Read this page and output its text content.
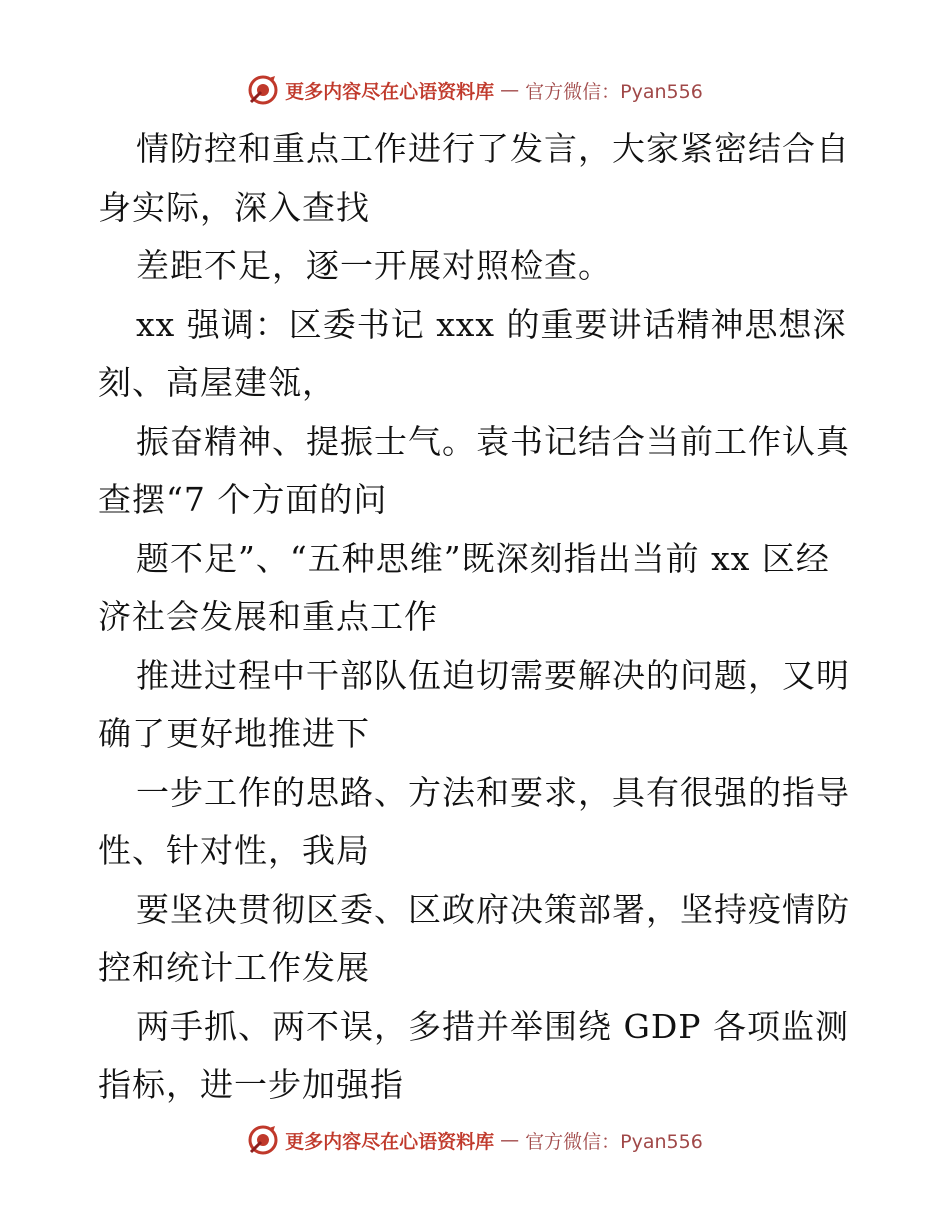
更多内容尽在心语资料库 — 官方微信：Pyan556

情防控和重点工作进行了发言，大家紧密结合自身实际，深入查找

差距不足，逐一开展对照检查。

xx 强调：区委书记 xxx 的重要讲话精神思想深刻、高屋建瓴，

振奋精神、提振士气。袁书记结合当前工作认真查摆“7 个方面的问

题不足”、“五种思维”既深刻指出当前 xx 区经济社会发展和重点工作

推进过程中干部队伍迫切需要解决的问题，又明确了更好地推进下

一步工作的思路、方法和要求，具有很强的指导性、针对性，我局

要坚决贯彻区委、区政府决策部署，坚持疫情防控和统计工作发展

两手抓、两不误，多措并举围绕 GDP 各项监测指标，进一步加强指

更多内容尽在心语资料库 — 官方微信：Pyan556
